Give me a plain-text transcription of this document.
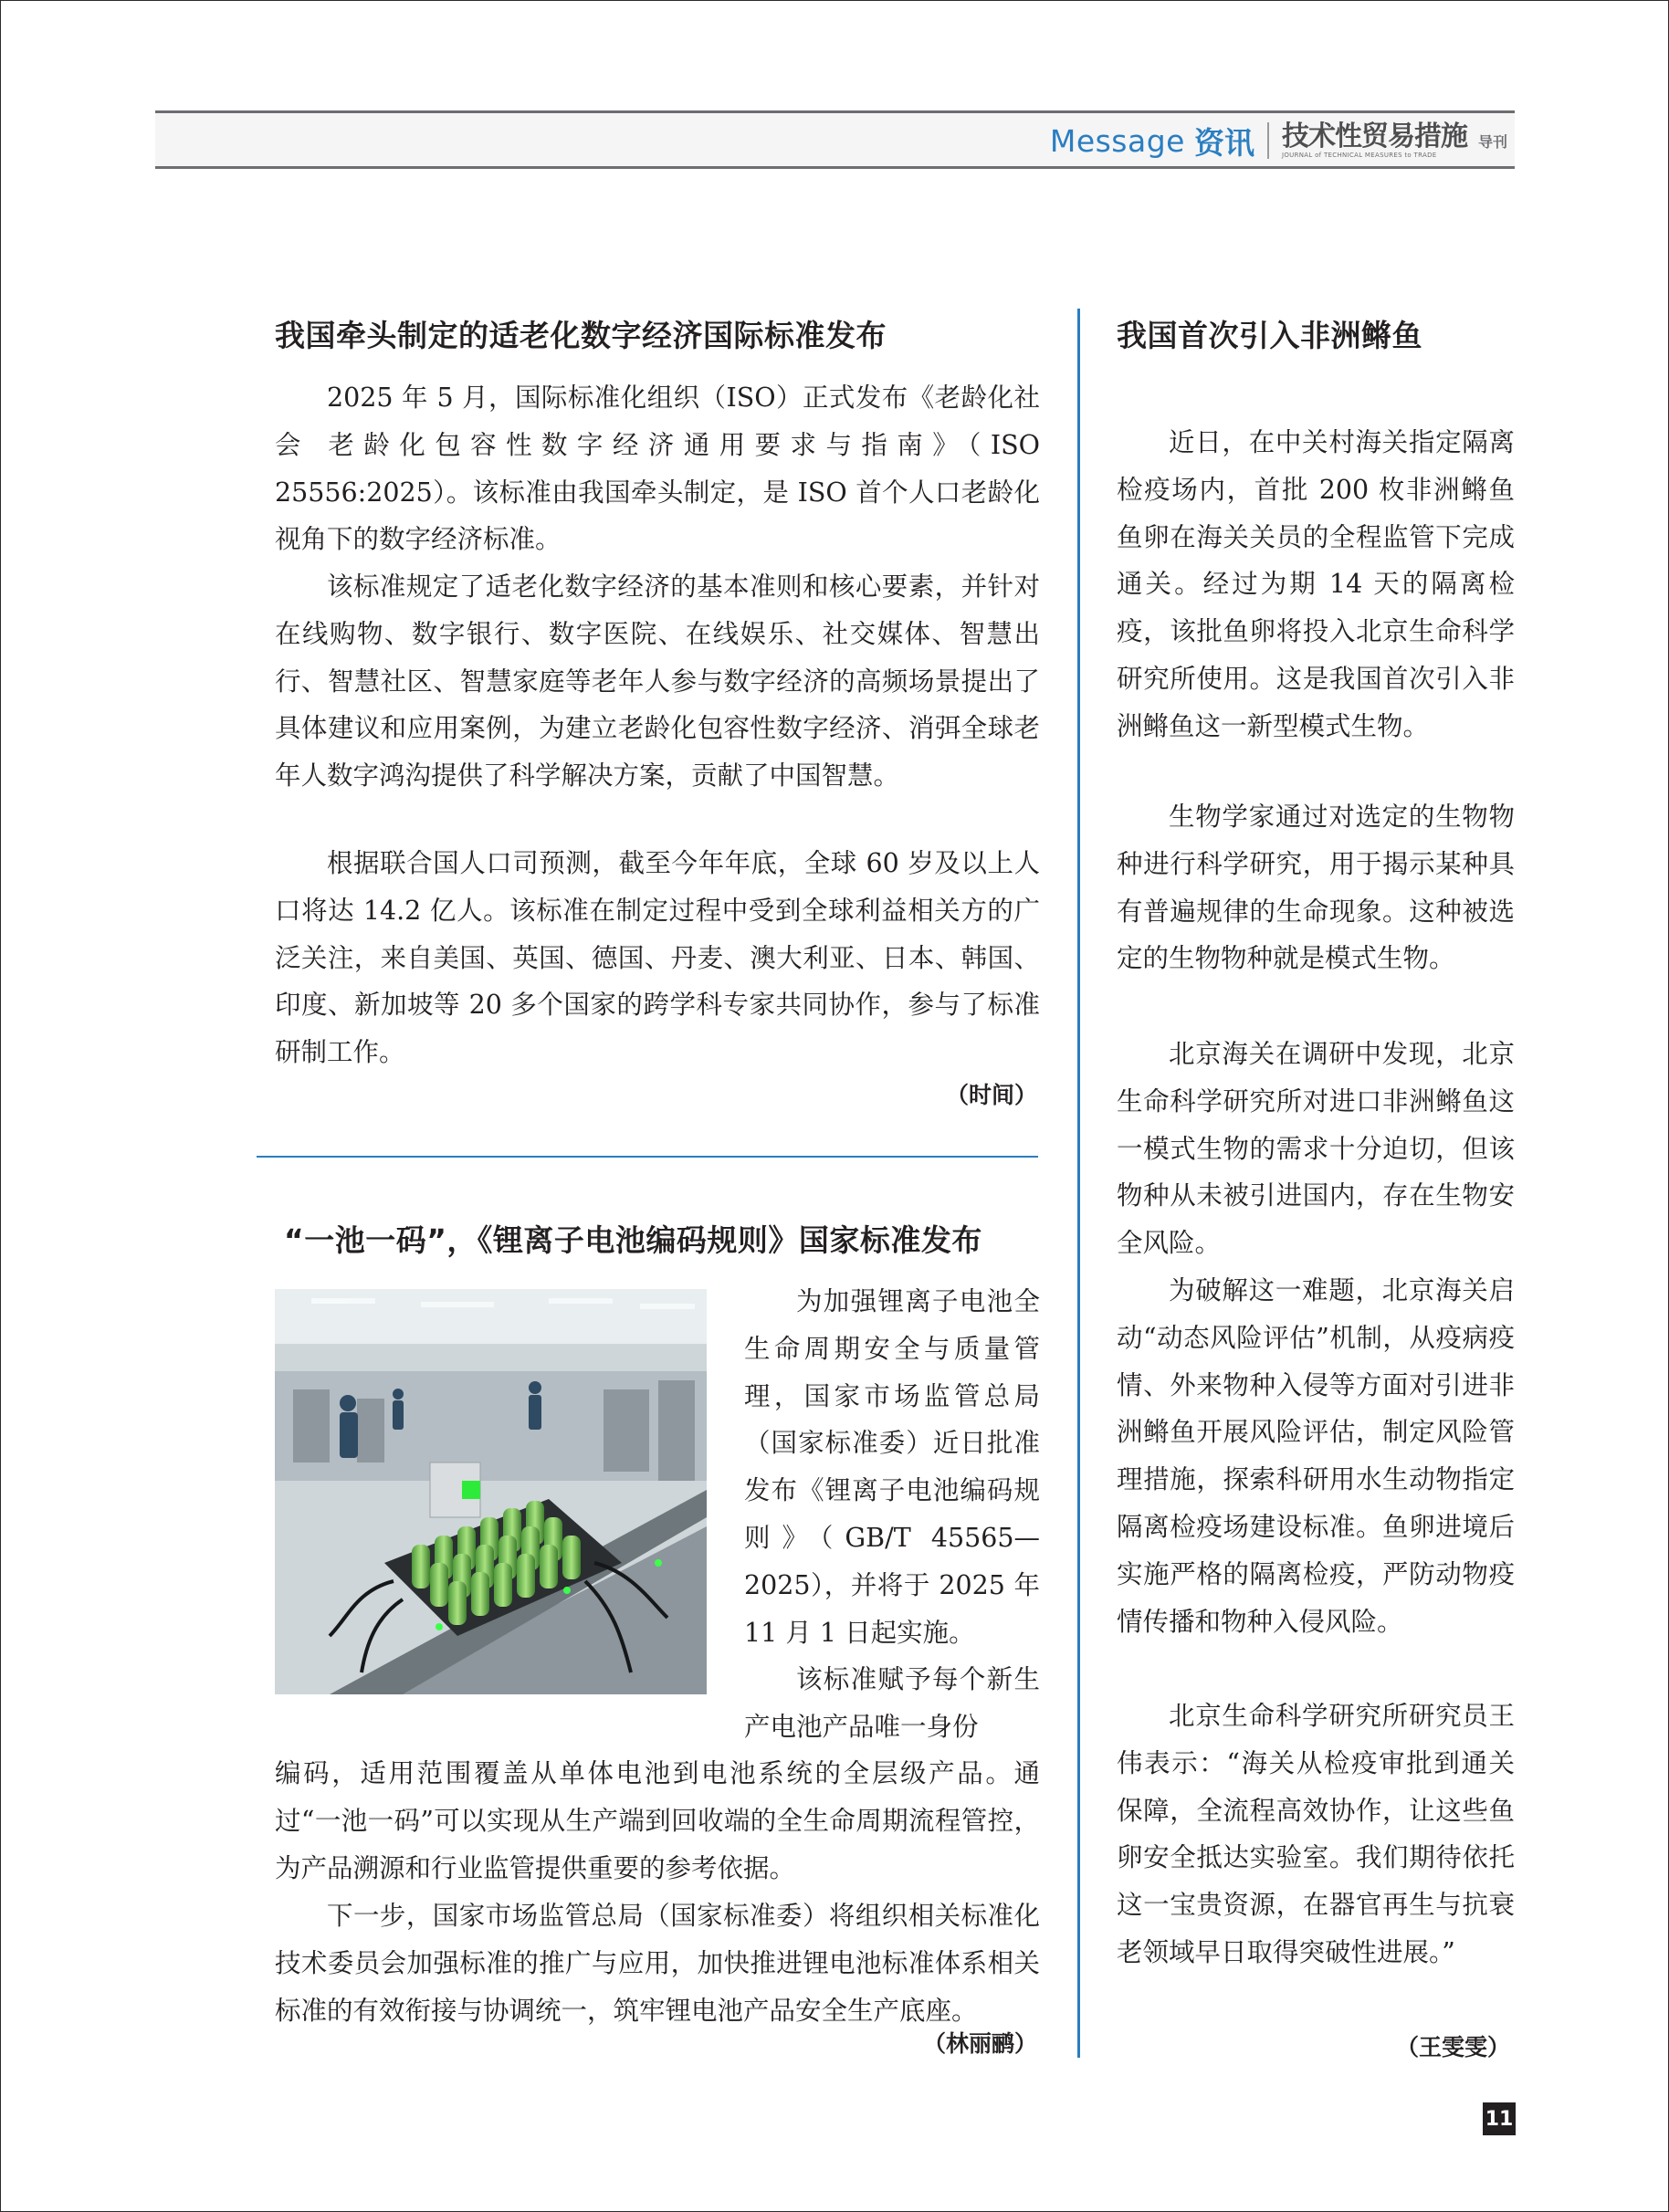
Message 资讯 技术性贸易措施
JOURNAL of TECHNICAL MEASURES to TRADE
导刊
我国牵头制定的适老化数字经济国际标准发布

2025 年 5 月，国际标准化组织（ISO）正式发布《老龄化社会 老龄化包容性数字经济通用要求与指南》（ISO 25556:2025）。该标准由我国牵头制定，是 ISO 首个人口老龄化视角下的数字经济标准。

该标准规定了适老化数字经济的基本准则和核心要素，并针对在线购物、数字银行、数字医院、在线娱乐、社交媒体、智慧出行、智慧社区、智慧家庭等老年人参与数字经济的高频场景提出了具体建议和应用案例，为建立老龄化包容性数字经济、消弭全球老年人数字鸿沟提供了科学解决方案，贡献了中国智慧。

根据联合国人口司预测，截至今年年底，全球 60 岁及以上人口将达 14.2 亿人。该标准在制定过程中受到全球利益相关方的广泛关注，来自美国、英国、德国、丹麦、澳大利亚、日本、韩国、印度、新加坡等 20 多个国家的跨学科专家共同协作，参与了标准研制工作。

（时间）

“一池一码”，《锂离子电池编码规则》国家标准发布

为加强锂离子电池全生命周期安全与质量管理，国家市场监管总局（国家标准委）近日批准发布《锂离子电池编码规则》（GB/T 45565—2025），并将于 2025 年 11 月 1 日起实施。

该标准赋予每个新生产电池产品唯一身份

编码，适用范围覆盖从单体电池到电池系统的全层级产品。通过“一池一码”可以实现从生产端到回收端的全生命周期流程管控，为产品溯源和行业监管提供重要的参考依据。

下一步，国家市场监管总局（国家标准委）将组织相关标准化技术委员会加强标准的推广与应用，加快推进锂电池标准体系相关标准的有效衔接与协调统一，筑牢锂电池产品安全生产底座。

（林丽鹂）

我国首次引入非洲鳉鱼

近日，在中关村海关指定隔离检疫场内，首批 200 枚非洲鳉鱼鱼卵在海关关员的全程监管下完成通关。经过为期 14 天的隔离检疫，该批鱼卵将投入北京生命科学研究所使用。这是我国首次引入非洲鳉鱼这一新型模式生物。

生物学家通过对选定的生物物种进行科学研究，用于揭示某种具有普遍规律的生命现象。这种被选定的生物物种就是模式生物。

北京海关在调研中发现，北京生命科学研究所对进口非洲鳉鱼这一模式生物的需求十分迫切，但该物种从未被引进国内，存在生物安全风险。

为破解这一难题，北京海关启动“动态风险评估”机制，从疫病疫情、外来物种入侵等方面对引进非洲鳉鱼开展风险评估，制定风险管理措施，探索科研用水生动物指定隔离检疫场建设标准。鱼卵进境后实施严格的隔离检疫，严防动物疫情传播和物种入侵风险。

北京生命科学研究所研究员王伟表示：“海关从检疫审批到通关保障，全流程高效协作，让这些鱼卵安全抵达实验室。我们期待依托这一宝贵资源，在器官再生与抗衰老领域早日取得突破性进展。”

（王雯雯）

11
